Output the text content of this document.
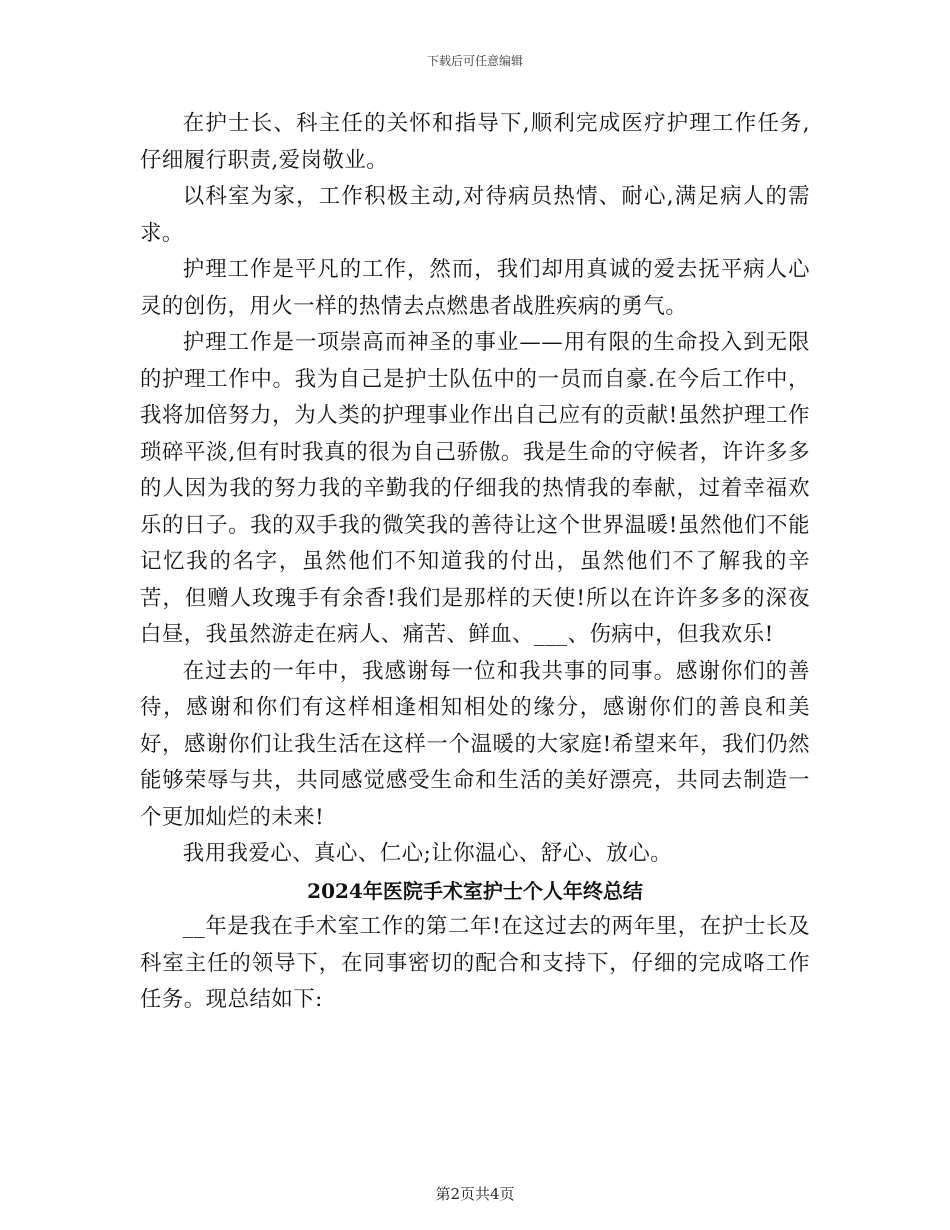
下载后可任意编辑

在护士长、科主任的关怀和指导下,顺利完成医疗护理工作任务,仔细履行职责,爱岗敬业。

以科室为家，工作积极主动,对待病员热情、耐心,满足病人的需求。

护理工作是平凡的工作，然而，我们却用真诚的爱去抚平病人心灵的创伤，用火一样的热情去点燃患者战胜疾病的勇气。

护理工作是一项崇高而神圣的事业——用有限的生命投入到无限的护理工作中。我为自己是护士队伍中的一员而自豪.在今后工作中，我将加倍努力，为人类的护理事业作出自己应有的贡献!虽然护理工作琐碎平淡,但有时我真的很为自己骄傲。我是生命的守候者，许许多多的人因为我的努力我的辛勤我的仔细我的热情我的奉献，过着幸福欢乐的日子。我的双手我的微笑我的善待让这个世界温暖!虽然他们不能记忆我的名字，虽然他们不知道我的付出，虽然他们不了解我的辛苦，但赠人玫瑰手有余香!我们是那样的天使!所以在许许多多的深夜白昼，我虽然游走在病人、痛苦、鲜血、___、伤病中，但我欢乐!

在过去的一年中，我感谢每一位和我共事的同事。感谢你们的善待，感谢和你们有这样相逢相知相处的缘分，感谢你们的善良和美好，感谢你们让我生活在这样一个温暖的大家庭!希望来年，我们仍然能够荣辱与共，共同感觉感受生命和生活的美好漂亮，共同去制造一个更加灿烂的未来!

我用我爱心、真心、仁心;让你温心、舒心、放心。

2024年医院手术室护士个人年终总结

__年是我在手术室工作的第二年!在这过去的两年里，在护士长及科室主任的领导下，在同事密切的配合和支持下，仔细的完成咯工作任务。现总结如下:

第2页共4页
